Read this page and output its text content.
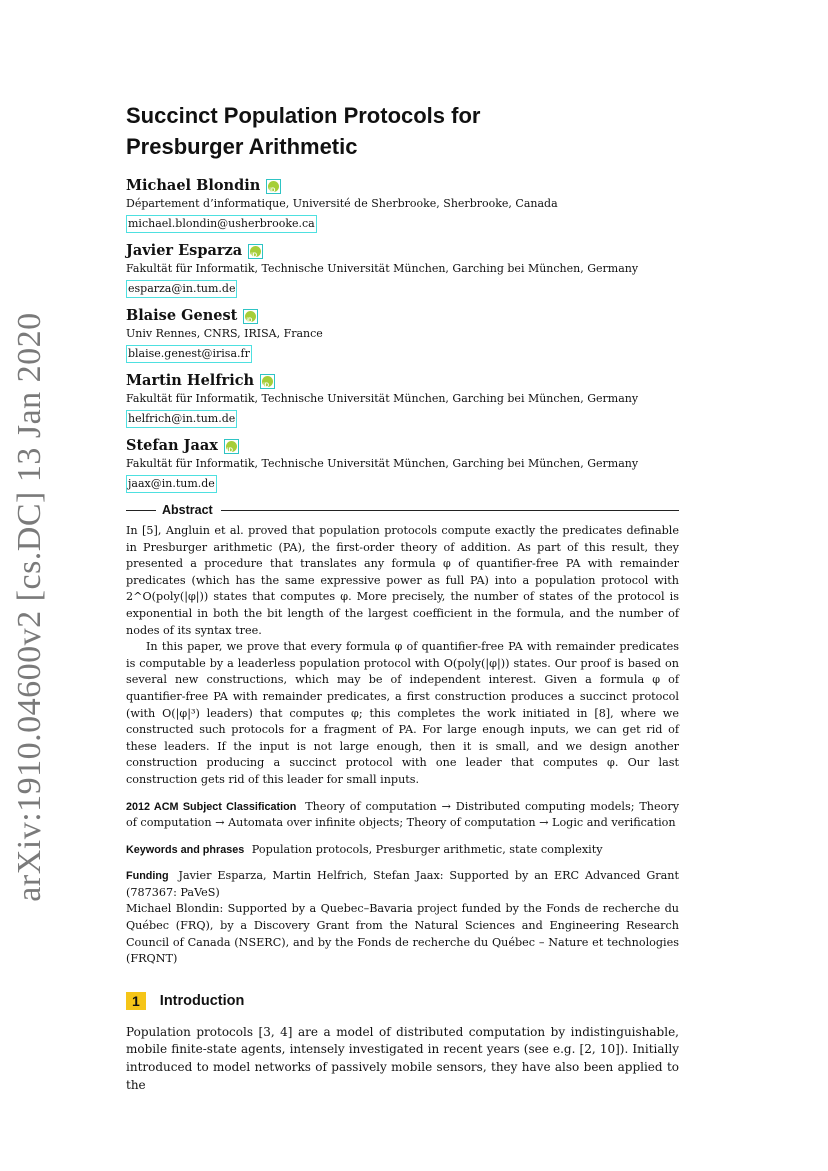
arXiv:1910.04600v2 [cs.DC] 13 Jan 2020
Succinct Population Protocols for
Presburger Arithmetic
Michael Blondin
iD
Département d’informatique, Université de Sherbrooke, Sherbrooke, Canada
michael.blondin@usherbrooke.ca
Javier Esparza
iD
Fakultät für Informatik, Technische Universität München, Garching bei München, Germany
esparza@in.tum.de
Blaise Genest
iD
Univ Rennes, CNRS, IRISA, France
blaise.genest@irisa.fr
Martin Helfrich
iD
Fakultät für Informatik, Technische Universität München, Garching bei München, Germany
helfrich@in.tum.de
Stefan Jaax
iD
Fakultät für Informatik, Technische Universität München, Garching bei München, Germany
jaax@in.tum.de
Abstract

In [5], Angluin et al. proved that population protocols compute exactly the predicates definable in Presburger arithmetic (PA), the first-order theory of addition. As part of this result, they presented a procedure that translates any formula φ of quantifier-free PA with remainder predicates (which has the same expressive power as full PA) into a population protocol with 2^O(poly(|φ|)) states that computes φ. More precisely, the number of states of the protocol is exponential in both the bit length of the largest coefficient in the formula, and the number of nodes of its syntax tree.

In this paper, we prove that every formula φ of quantifier-free PA with remainder predicates is computable by a leaderless population protocol with O(poly(|φ|)) states. Our proof is based on several new constructions, which may be of independent interest. Given a formula φ of quantifier-free PA with remainder predicates, a first construction produces a succinct protocol (with O(|φ|³) leaders) that computes φ; this completes the work initiated in [8], where we constructed such protocols for a fragment of PA. For large enough inputs, we can get rid of these leaders. If the input is not large enough, then it is small, and we design another construction producing a succinct protocol with one leader that computes φ. Our last construction gets rid of this leader for small inputs.

2012 ACM Subject Classification Theory of computation → Distributed computing models; Theory of computation → Automata over infinite objects; Theory of computation → Logic and verification
Keywords and phrases Population protocols, Presburger arithmetic, state complexity
Funding Javier Esparza, Martin Helfrich, Stefan Jaax: Supported by an ERC Advanced Grant (787367: PaVeS)
Michael Blondin: Supported by a Quebec–Bavaria project funded by the Fonds de recherche du Québec (FRQ), by a Discovery Grant from the Natural Sciences and Engineering Research Council of Canada (NSERC), and by the Fonds de recherche du Québec – Nature et technologies (FRQNT)
1	Introduction

Population protocols [3, 4] are a model of distributed computation by indistinguishable, mobile finite-state agents, intensely investigated in recent years (see e.g. [2, 10]). Initially introduced to model networks of passively mobile sensors, they have also been applied to the
